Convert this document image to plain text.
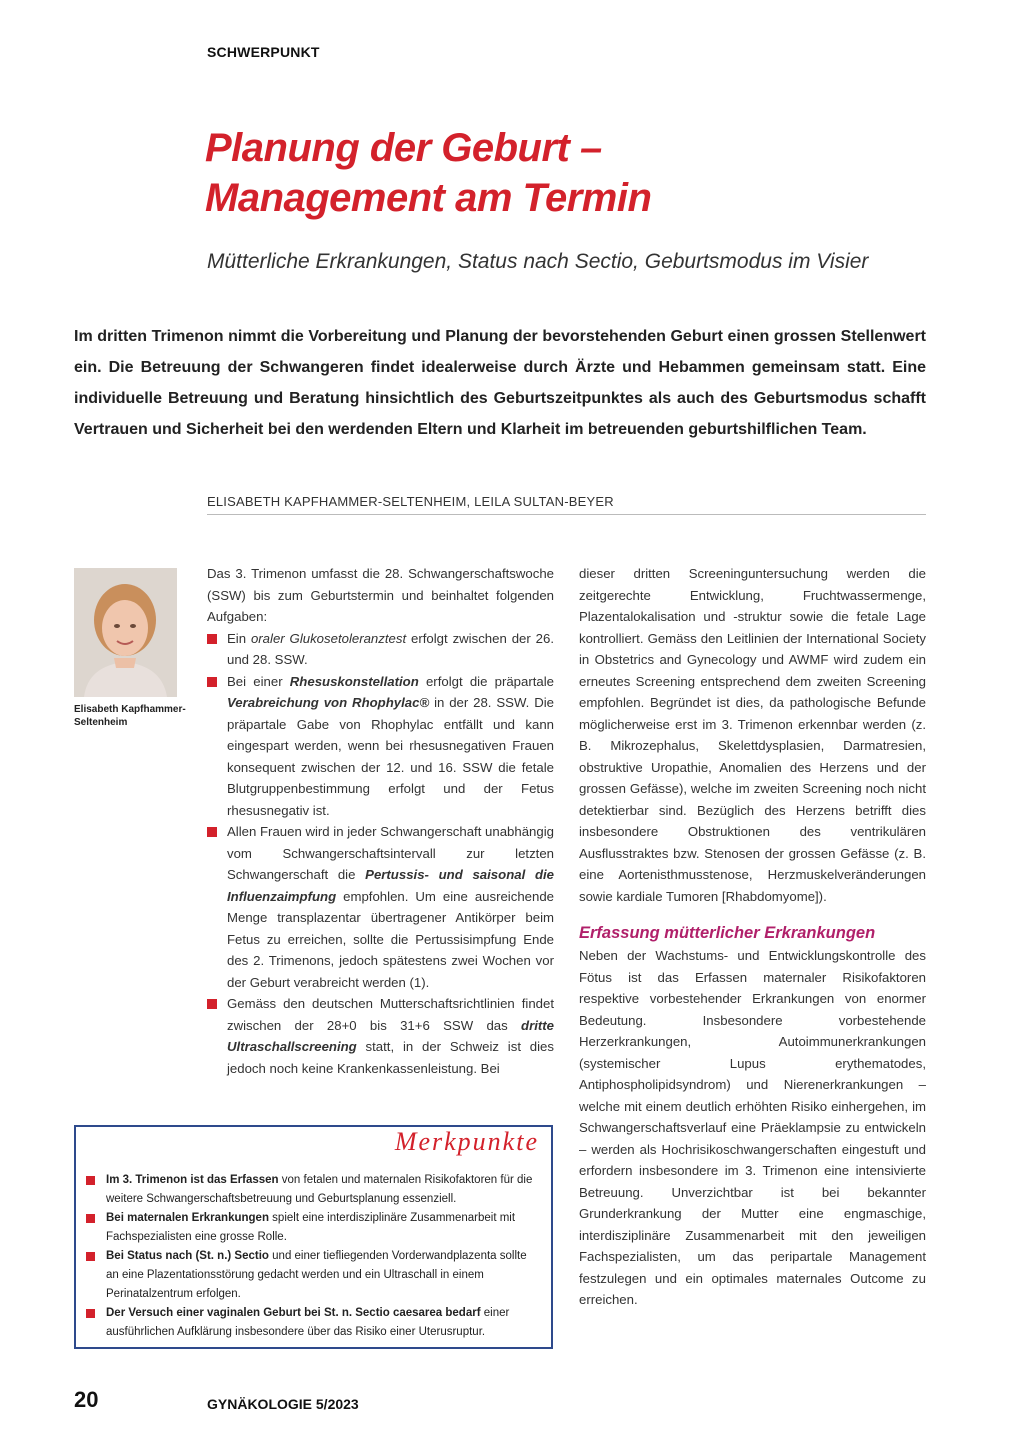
SCHWERPUNKT
Planung der Geburt –
Management am Termin
Mütterliche Erkrankungen, Status nach Sectio, Geburtsmodus im Visier
Im dritten Trimenon nimmt die Vorbereitung und Planung der bevorstehenden Geburt einen grossen Stellenwert ein. Die Betreuung der Schwangeren findet idealerweise durch Ärzte und Hebammen gemeinsam statt. Eine individuelle Betreuung und Beratung hinsichtlich des Geburtszeitpunktes als auch des Geburtsmodus schafft Vertrauen und Sicherheit bei den werdenden Eltern und Klarheit im betreuenden geburtshilflichen Team.
ELISABETH KAPFHAMMER-SELTENHEIM, LEILA SULTAN-BEYER
Elisabeth Kapfhammer-Seltenheim

Das 3. Trimenon umfasst die 28. Schwangerschaftswoche (SSW) bis zum Geburtstermin und beinhaltet folgenden Aufgaben:

Ein oraler Glukosetoleranztest erfolgt zwischen der 26. und 28. SSW.
Bei einer Rhesuskonstellation erfolgt die präpartale Verabreichung von Rhophylac® in der 28. SSW. Die präpartale Gabe von Rhophylac entfällt und kann eingespart werden, wenn bei rhesusnegativen Frauen konsequent zwischen der 12. und 16. SSW die fetale Blutgruppenbestimmung erfolgt und der Fetus rhesusnegativ ist.
Allen Frauen wird in jeder Schwangerschaft unabhängig vom Schwangerschaftsintervall zur letzten Schwangerschaft die Pertussis- und saisonal die Influenzaimpfung empfohlen. Um eine ausreichende Menge transplazentar übertragener Antikörper beim Fetus zu erreichen, sollte die Pertussisimpfung Ende des 2. Trimenons, jedoch spätestens zwei Wochen vor der Geburt verabreicht werden (1).
Gemäss den deutschen Mutterschaftsrichtlinien findet zwischen der 28+0 bis 31+6 SSW das dritte Ultraschallscreening statt, in der Schweiz ist dies jedoch noch keine Krankenkassenleistung. Bei

dieser dritten Screeninguntersuchung werden die zeitgerechte Entwicklung, Fruchtwassermenge, Plazentalokalisation und -struktur sowie die fetale Lage kontrolliert. Gemäss den Leitlinien der International Society in Obstetrics and Gynecology und AWMF wird zudem ein erneutes Screening entsprechend dem zweiten Screening empfohlen. Begründet ist dies, da pathologische Befunde möglicherweise erst im 3. Trimenon erkennbar werden (z. B. Mikrozephalus, Skelettdysplasien, Darmatresien, obstruktive Uropathie, Anomalien des Herzens und der grossen Gefässe), welche im zweiten Screening noch nicht detektierbar sind. Bezüglich des Herzens betrifft dies insbesondere Obstruktionen des ventrikulären Ausflusstraktes bzw. Stenosen der grossen Gefässe (z. B. eine Aortenisthmusstenose, Herzmuskelveränderungen sowie kardiale Tumoren [Rhabdomyome]).

Erfassung mütterlicher Erkrankungen

Neben der Wachstums- und Entwicklungskontrolle des Fötus ist das Erfassen maternaler Risikofaktoren respektive vorbestehender Erkrankungen von enormer Bedeutung. Insbesondere vorbestehende Herzerkrankungen, Autoimmunerkrankungen (systemischer Lupus erythematodes, Antiphospholipidsyndrom) und Nierenerkrankungen – welche mit einem deutlich erhöhten Risiko einhergehen, im Schwangerschaftsverlauf eine Präeklampsie zu entwickeln – werden als Hochrisikoschwangerschaften eingestuft und erfordern insbesondere im 3. Trimenon eine intensivierte Betreuung. Unverzichtbar ist bei bekannter Grunderkrankung der Mutter eine engmaschige, interdisziplinäre Zusammenarbeit mit den jeweiligen Fachspezialisten, um das peripartale Management festzulegen und ein optimales maternales Outcome zu erreichen.

Merkpunkte
Im 3. Trimenon ist das Erfassen von fetalen und maternalen Risikofaktoren für die weitere Schwangerschaftsbetreuung und Geburtsplanung essenziell.
Bei maternalen Erkrankungen spielt eine interdisziplinäre Zusammenarbeit mit Fachspezialisten eine grosse Rolle.
Bei Status nach (St. n.) Sectio und einer tiefliegenden Vorderwandplazenta sollte an eine Plazentationsstörung gedacht werden und ein Ultraschall in einem Perinatalzentrum erfolgen.
Der Versuch einer vaginalen Geburt bei St. n. Sectio caesarea bedarf einer ausführlichen Aufklärung insbesondere über das Risiko einer Uterusruptur.
20	GYNÄKOLOGIE 5/2023
